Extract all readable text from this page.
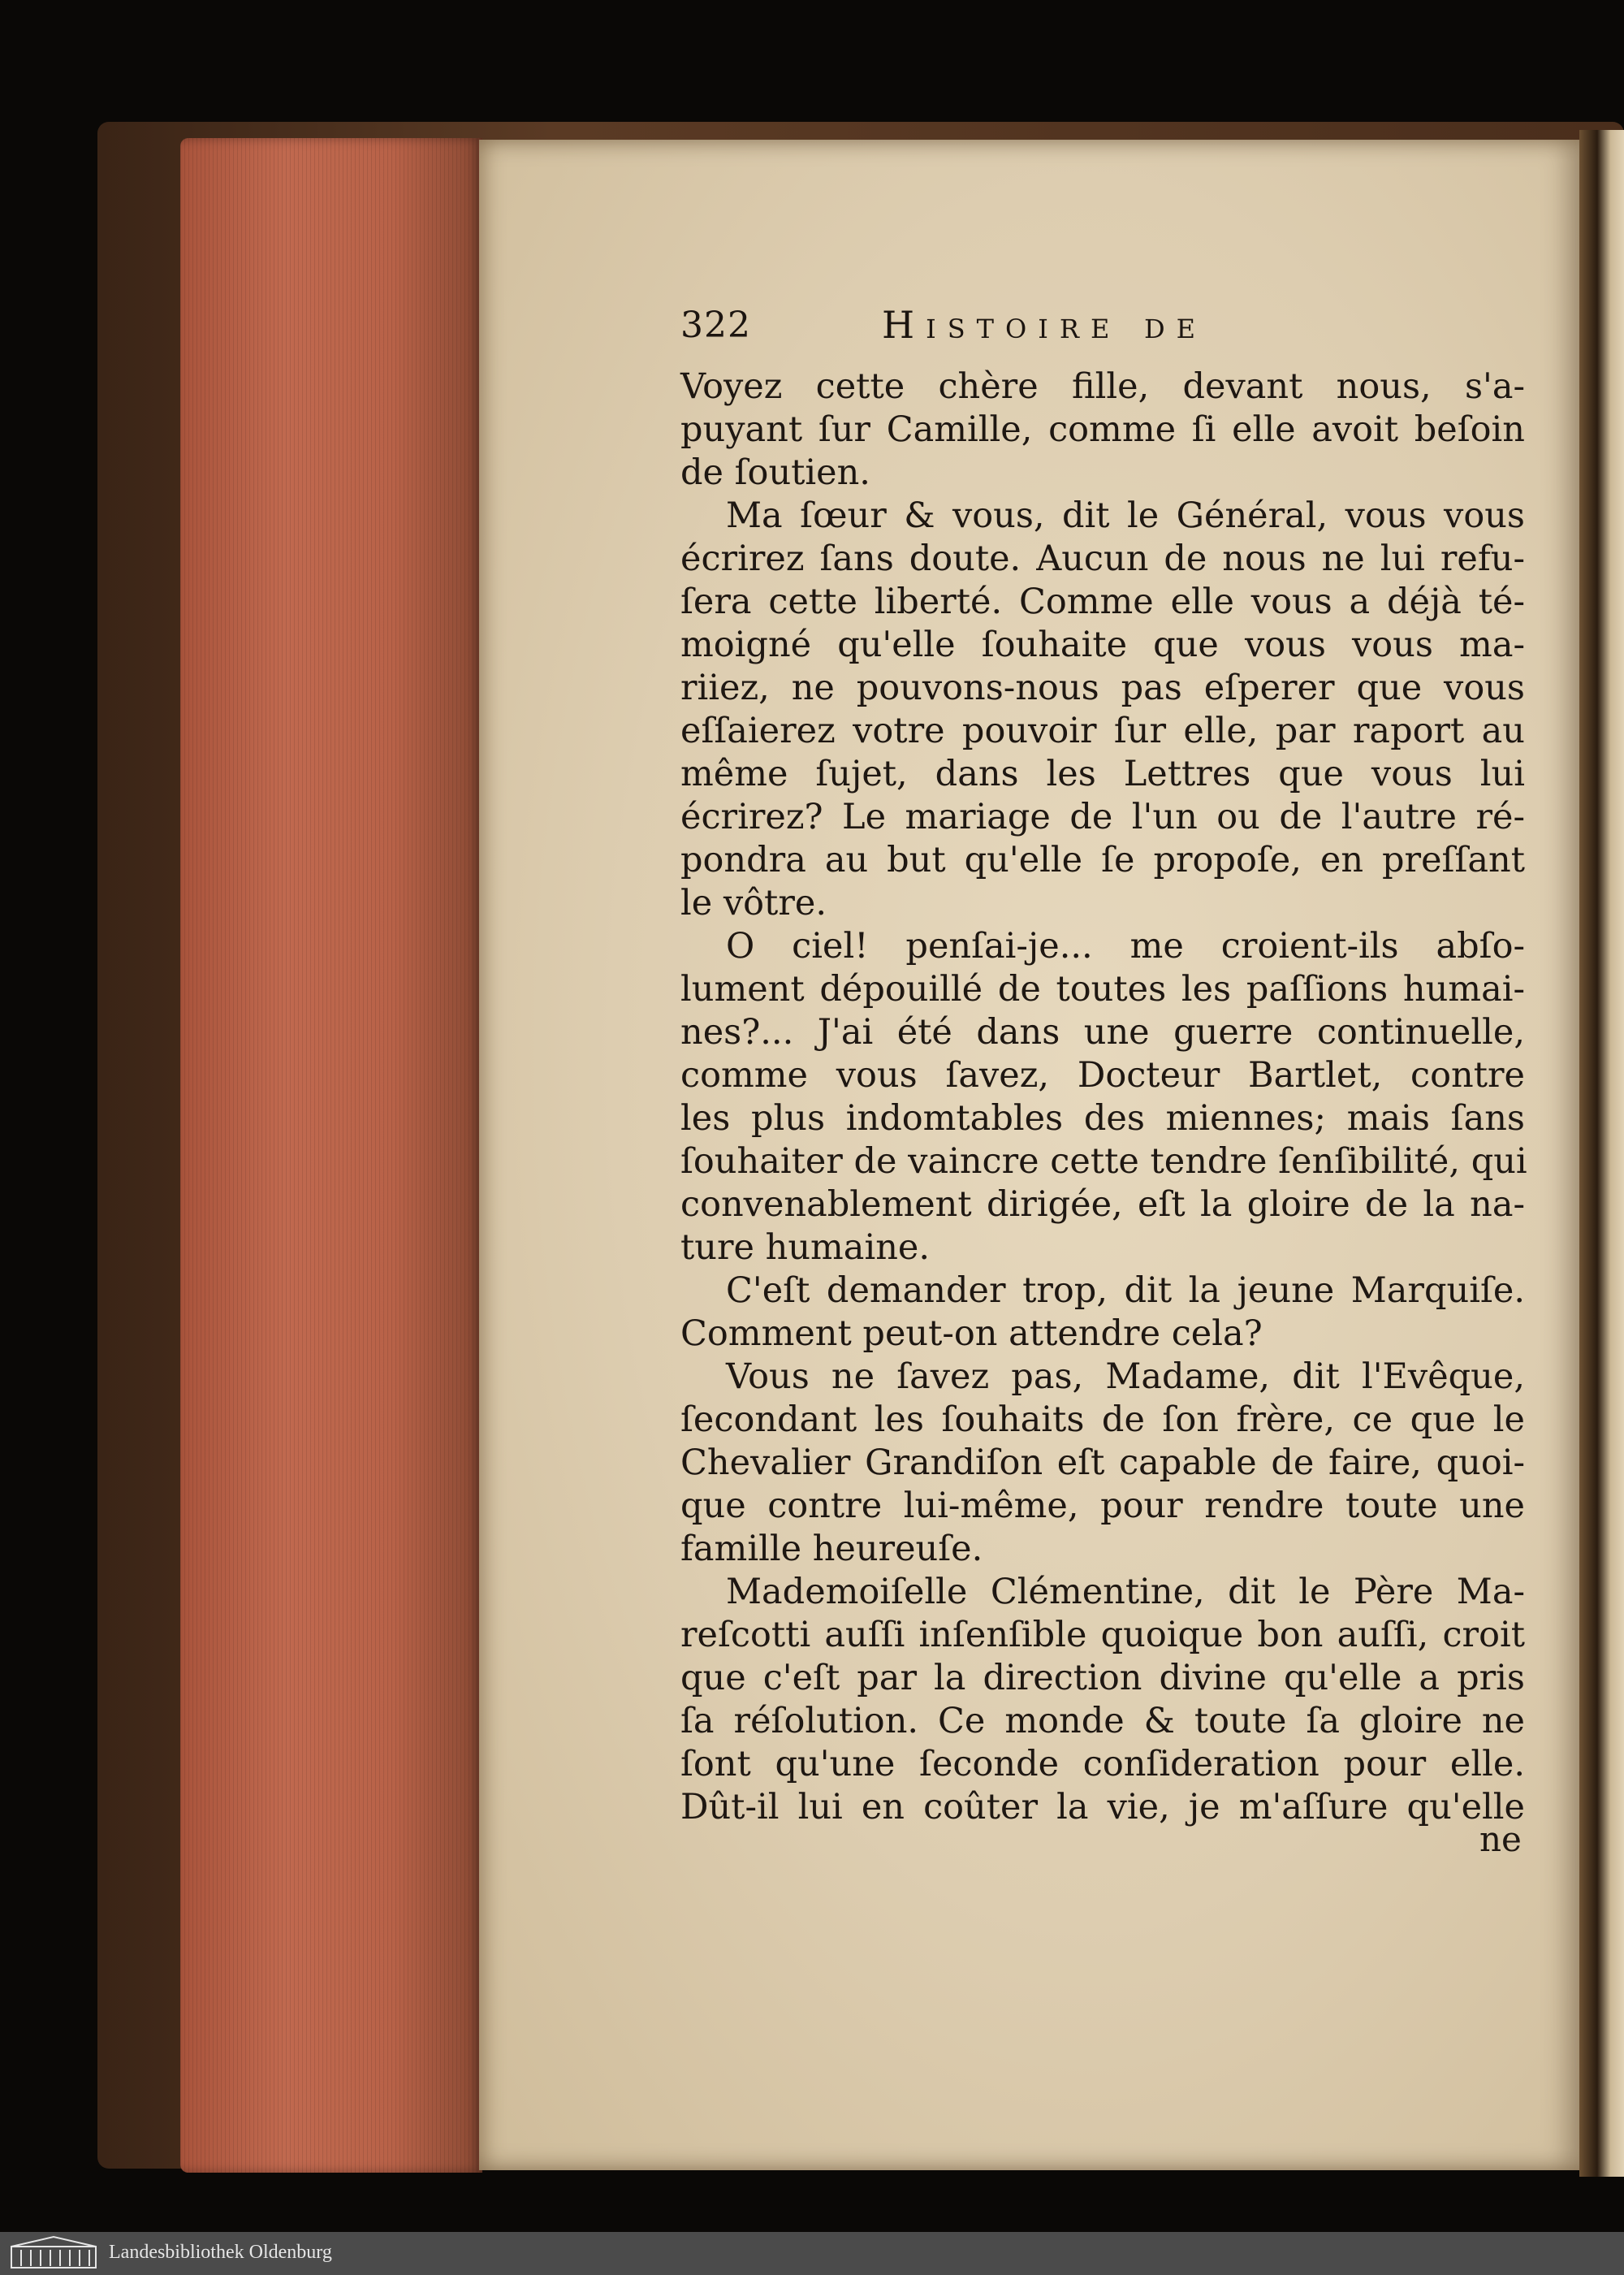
322	Histoire de
Voyez cette chère fille, devant nous, s'a-
puyant ſur Camille, comme ſi elle avoit beſoin
de ſoutien.
Ma ſœur & vous, dit le Général, vous vous
écrirez ſans doute. Aucun de nous ne lui refu-
ſera cette liberté. Comme elle vous a déjà té-
moigné qu'elle ſouhaite que vous vous ma-
riiez, ne pouvons-nous pas eſperer que vous
eſſaierez votre pouvoir ſur elle, par raport au
même ſujet, dans les Lettres que vous lui
écrirez? Le mariage de l'un ou de l'autre ré-
pondra au but qu'elle ſe propoſe, en preſſant
le vôtre.
O ciel! penſai-je... me croient-ils abſo-
lument dépouillé de toutes les paſſions humai-
nes?... J'ai été dans une guerre continuelle,
comme vous ſavez, Docteur Bartlet, contre
les plus indomtables des miennes; mais ſans
ſouhaiter de vaincre cette tendre ſenſibilité, qui
convenablement dirigée, eſt la gloire de la na-
ture humaine.
C'eſt demander trop, dit la jeune Marquiſe.
Comment peut-on attendre cela?
Vous ne ſavez pas, Madame, dit l'Evêque,
ſecondant les ſouhaits de ſon frère, ce que le
Chevalier Grandiſon eſt capable de faire, quoi-
que contre lui-même, pour rendre toute une
famille heureuſe.
Mademoiſelle Clémentine, dit le Père Ma-
reſcotti auſſi inſenſible quoique bon auſſi, croit
que c'eſt par la direction divine qu'elle a pris
ſa réſolution. Ce monde & toute ſa gloire ne
ſont qu'une ſeconde conſideration pour elle.
Dût-il lui en coûter la vie, je m'aſſure qu'elle
ne
Landesbibliothek Oldenburg
